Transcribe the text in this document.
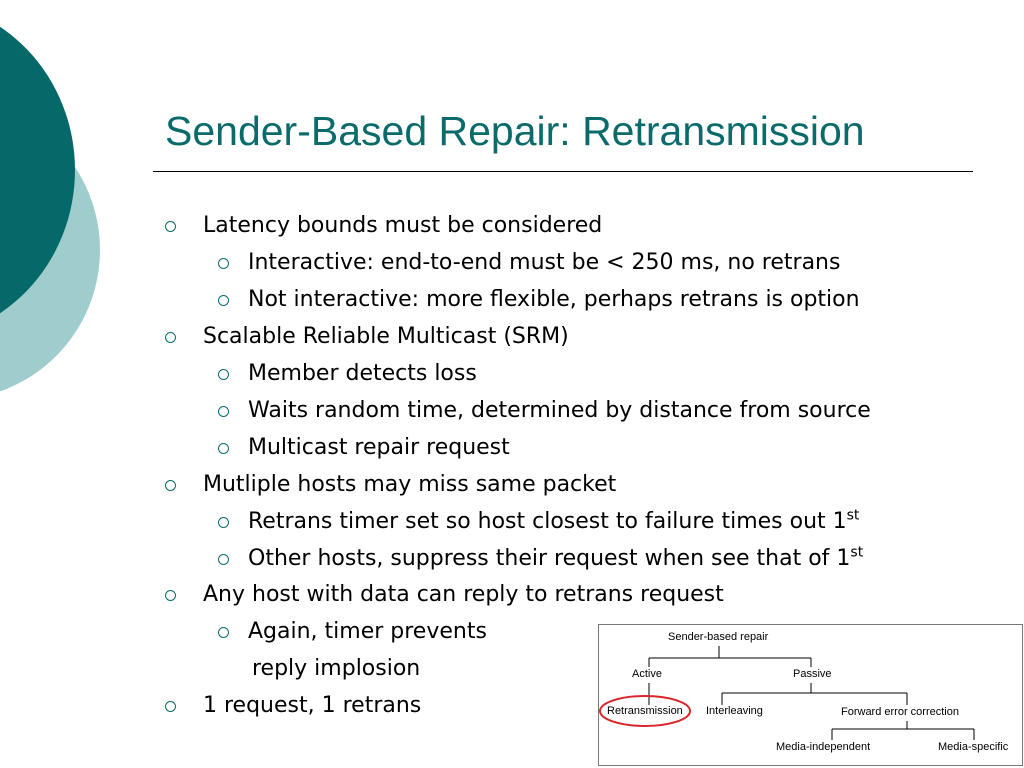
Sender-Based Repair: Retransmission
Latency bounds must be considered
Interactive: end-to-end must be < 250 ms, no retrans
Not interactive: more flexible, perhaps retrans is option
Scalable Reliable Multicast (SRM)
Member detects loss
Waits random time, determined by distance from source
Multicast repair request
Mutliple hosts may miss same packet
Retrans timer set so host closest to failure times out 1st
Other hosts, suppress their request when see that of 1st
Any host with data can reply to retrans request
Again, timer prevents
reply implosion
1 request, 1 retrans
Sender-based repair
Active	Passive
Retransmission Interleaving	Forward error correction
Media-independent	Media-specific
